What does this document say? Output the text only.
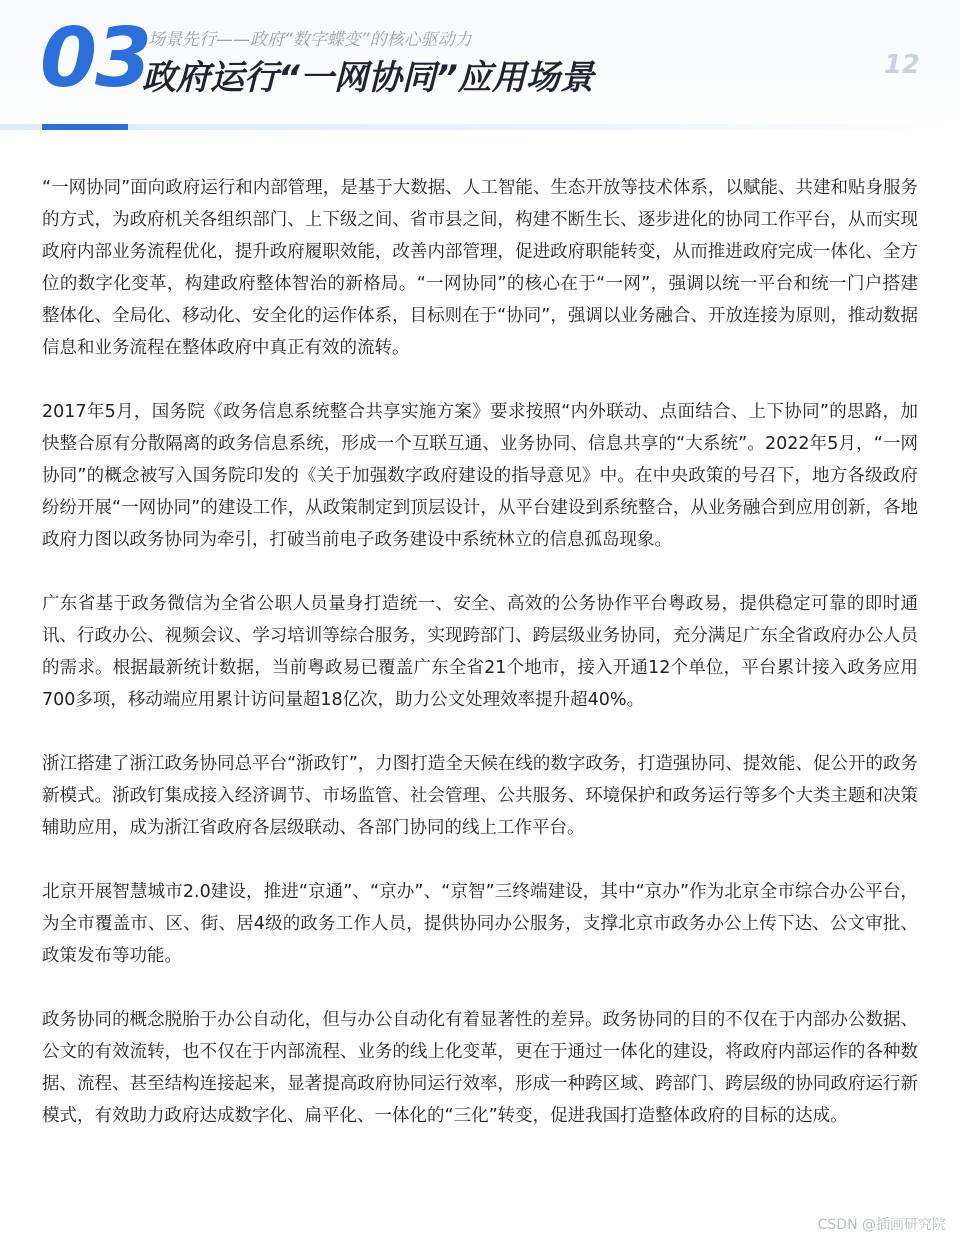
03
场景先行——政府“数字蝶变”的核心驱动力
政府运行“一网协同”应用场景	12

“一网协同”面向政府运行和内部管理，是基于大数据、人工智能、生态开放等技术体系，以赋能、共建和贴身服务的方式，为政府机关各组织部门、上下级之间、省市县之间，构建不断生长、逐步进化的协同工作平台，从而实现政府内部业务流程优化，提升政府履职效能，改善内部管理，促进政府职能转变，从而推进政府完成一体化、全方位的数字化变革，构建政府整体智治的新格局。“一网协同”的核心在于“一网”，强调以统一平台和统一门户搭建整体化、全局化、移动化、安全化的运作体系，目标则在于“协同”，强调以业务融合、开放连接为原则，推动数据信息和业务流程在整体政府中真正有效的流转。

2017年5月，国务院《政务信息系统整合共享实施方案》要求按照“内外联动、点面结合、上下协同”的思路，加快整合原有分散隔离的政务信息系统，形成一个互联互通、业务协同、信息共享的“大系统”。2022年5月，“一网协同”的概念被写入国务院印发的《关于加强数字政府建设的指导意见》中。在中央政策的号召下，地方各级政府纷纷开展“一网协同”的建设工作，从政策制定到顶层设计，从平台建设到系统整合，从业务融合到应用创新，各地政府力图以政务协同为牵引，打破当前电子政务建设中系统林立的信息孤岛现象。

广东省基于政务微信为全省公职人员量身打造统一、安全、高效的公务协作平台粤政易，提供稳定可靠的即时通讯、行政办公、视频会议、学习培训等综合服务，实现跨部门、跨层级业务协同，充分满足广东全省政府办公人员的需求。根据最新统计数据，当前粤政易已覆盖广东全省21个地市，接入开通12个单位，平台累计接入政务应用700多项，移动端应用累计访问量超18亿次，助力公文处理效率提升超40%。

浙江搭建了浙江政务协同总平台“浙政钉”，力图打造全天候在线的数字政务，打造强协同、提效能、促公开的政务新模式。浙政钉集成接入经济调节、市场监管、社会管理、公共服务、环境保护和政务运行等多个大类主题和决策辅助应用，成为浙江省政府各层级联动、各部门协同的线上工作平台。

北京开展智慧城市2.0建设，推进“京通”、“京办”、“京智”三终端建设，其中“京办”作为北京全市综合办公平台，为全市覆盖市、区、街、居4级的政务工作人员，提供协同办公服务，支撑北京市政务办公上传下达、公文审批、政策发布等功能。

政务协同的概念脱胎于办公自动化，但与办公自动化有着显著性的差异。政务协同的目的不仅在于内部办公数据、公文的有效流转，也不仅在于内部流程、业务的线上化变革，更在于通过一体化的建设，将政府内部运作的各种数据、流程、甚至结构连接起来，显著提高政府协同运行效率，形成一种跨区域、跨部门、跨层级的协同政府运行新模式，有效助力政府达成数字化、扁平化、一体化的“三化”转变，促进我国打造整体政府的目标的达成。

CSDN @插画研究院
